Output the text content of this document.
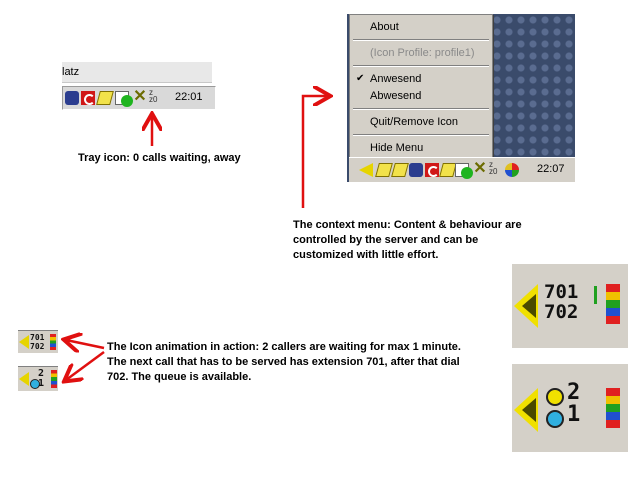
latz
✕ z
z0	22:01
Tray icon: 0 calls waiting, away
About
(Icon Profile: profile1)
✔ Anwesend
Abwesend
Quit/Remove Icon
Hide Menu
✕ z
z0	22:07
The context menu: Content & behaviour are
controlled by the server and can be
customized with little effort.
701
702
2
1
701
702
2
1
The Icon animation in action: 2 callers are waiting for max 1 minute.
The next call that has to be served has extension 701, after that dial
702. The queue is available.
